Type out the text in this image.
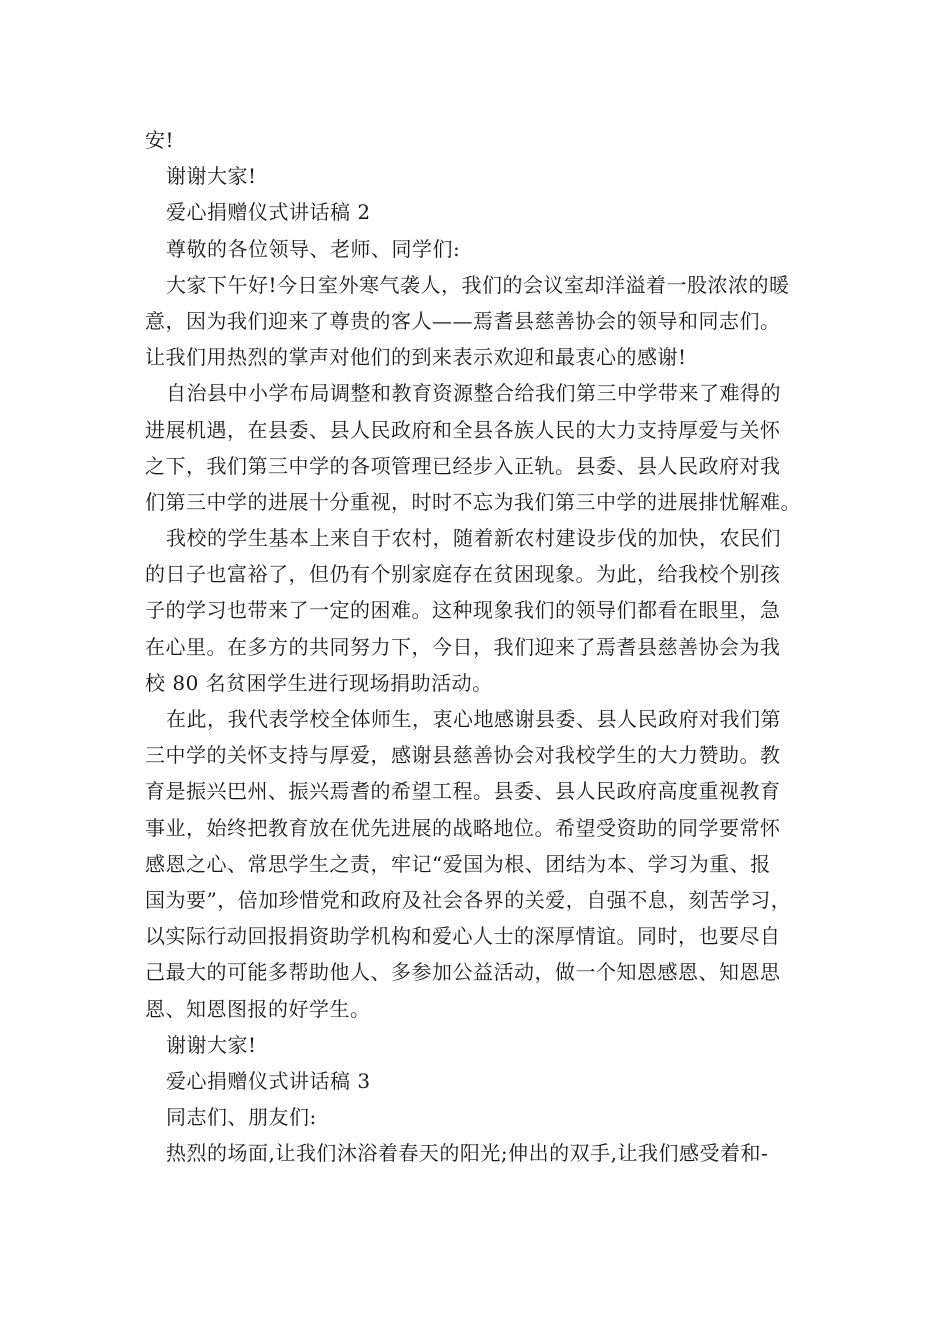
安!
谢谢大家!
爱心捐赠仪式讲话稿 2
尊敬的各位领导、老师、同学们:
大家下午好!今日室外寒气袭人，我们的会议室却洋溢着一股浓浓的暖
意，因为我们迎来了尊贵的客人——焉耆县慈善协会的领导和同志们。
让我们用热烈的掌声对他们的到来表示欢迎和最衷心的感谢!
自治县中小学布局调整和教育资源整合给我们第三中学带来了难得的
进展机遇，在县委、县人民政府和全县各族人民的大力支持厚爱与关怀
之下，我们第三中学的各项管理已经步入正轨。县委、县人民政府对我
们第三中学的进展十分重视，时时不忘为我们第三中学的进展排忧解难。
我校的学生基本上来自于农村，随着新农村建设步伐的加快，农民们
的日子也富裕了，但仍有个别家庭存在贫困现象。为此，给我校个别孩
子的学习也带来了一定的困难。这种现象我们的领导们都看在眼里，急
在心里。在多方的共同努力下，今日，我们迎来了焉耆县慈善协会为我
校 80 名贫困学生进行现场捐助活动。
在此，我代表学校全体师生，衷心地感谢县委、县人民政府对我们第
三中学的关怀支持与厚爱，感谢县慈善协会对我校学生的大力赞助。教
育是振兴巴州、振兴焉耆的希望工程。县委、县人民政府高度重视教育
事业，始终把教育放在优先进展的战略地位。希望受资助的同学要常怀
感恩之心、常思学生之责，牢记“爱国为根、团结为本、学习为重、报
国为要”，倍加珍惜党和政府及社会各界的关爱，自强不息，刻苦学习，
以实际行动回报捐资助学机构和爱心人士的深厚情谊。同时，也要尽自
己最大的可能多帮助他人、多参加公益活动，做一个知恩感恩、知恩思
恩、知恩图报的好学生。
谢谢大家!
爱心捐赠仪式讲话稿 3
同志们、朋友们:
热烈的场面,让我们沐浴着春天的阳光;伸出的双手,让我们感受着和-
